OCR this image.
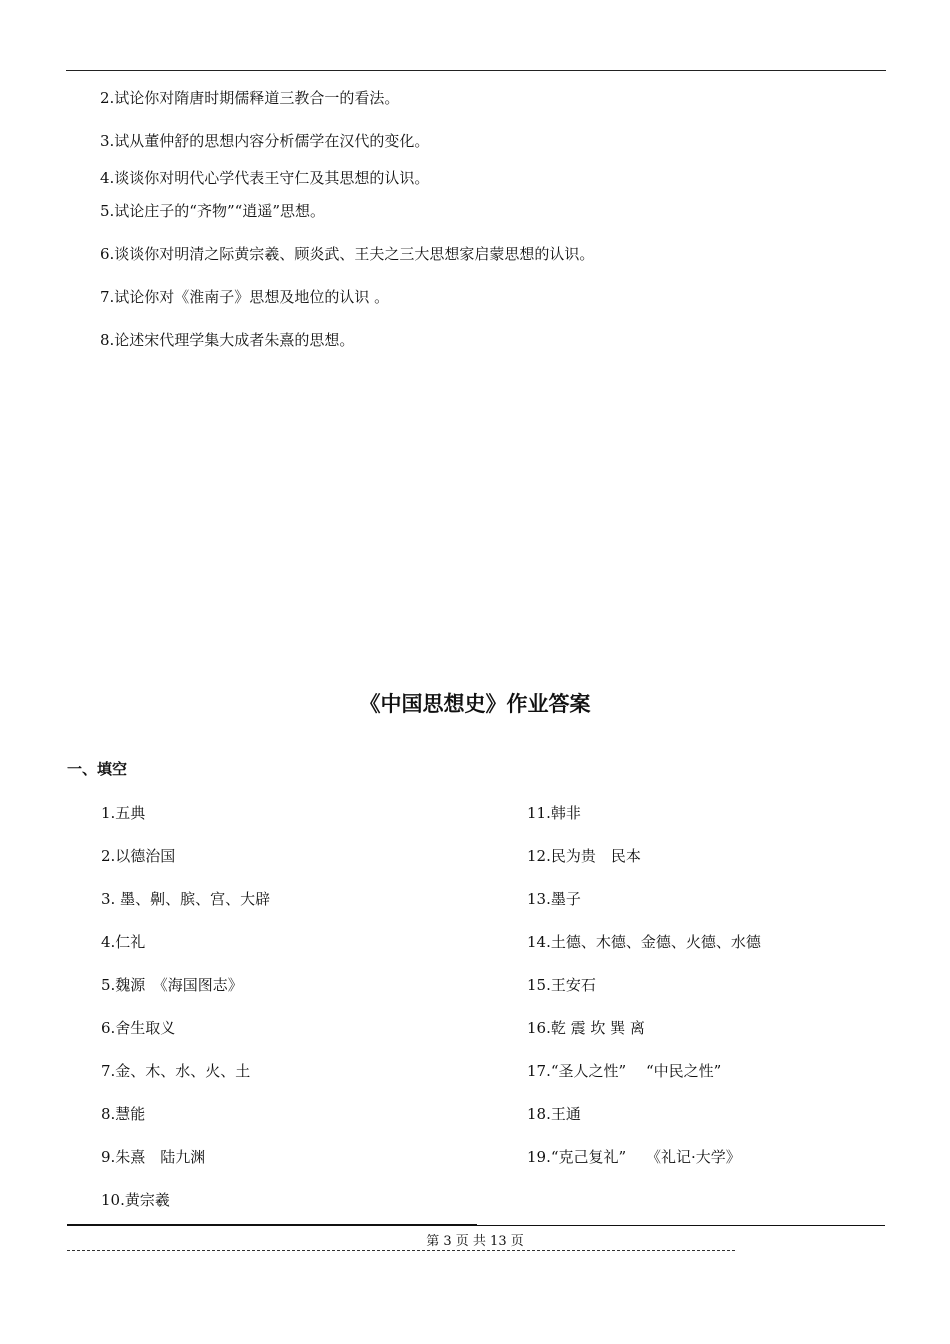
2.试论你对隋唐时期儒释道三教合一的看法。
3.试从董仲舒的思想内容分析儒学在汉代的变化。
4.谈谈你对明代心学代表王守仁及其思想的认识。
5.试论庄子的“齐物”“逍遥”思想。
6.谈谈你对明清之际黄宗羲、顾炎武、王夫之三大思想家启蒙思想的认识。
7.试论你对《淮南子》思想及地位的认识 。
8.论述宋代理学集大成者朱熹的思想。
《中国思想史》作业答案
一、填空
1.五典
2.以德治国
3. 墨、劓、膑、宫、大辟
4.仁礼
5.魏源　《海国图志》
6.舍生取义
7.金、木、水、火、土
8.慧能
9.朱熹　陆九渊
10.黄宗羲
11.韩非
12.民为贵　民本
13.墨子
14.土德、木德、金德、火德、水德
15.王安石
16.乾 震 坎 巽 离
17.“圣人之性”　 “中民之性”
18.王通
19.“克己复礼”　 《礼记·大学》
第 3 页 共 13 页
